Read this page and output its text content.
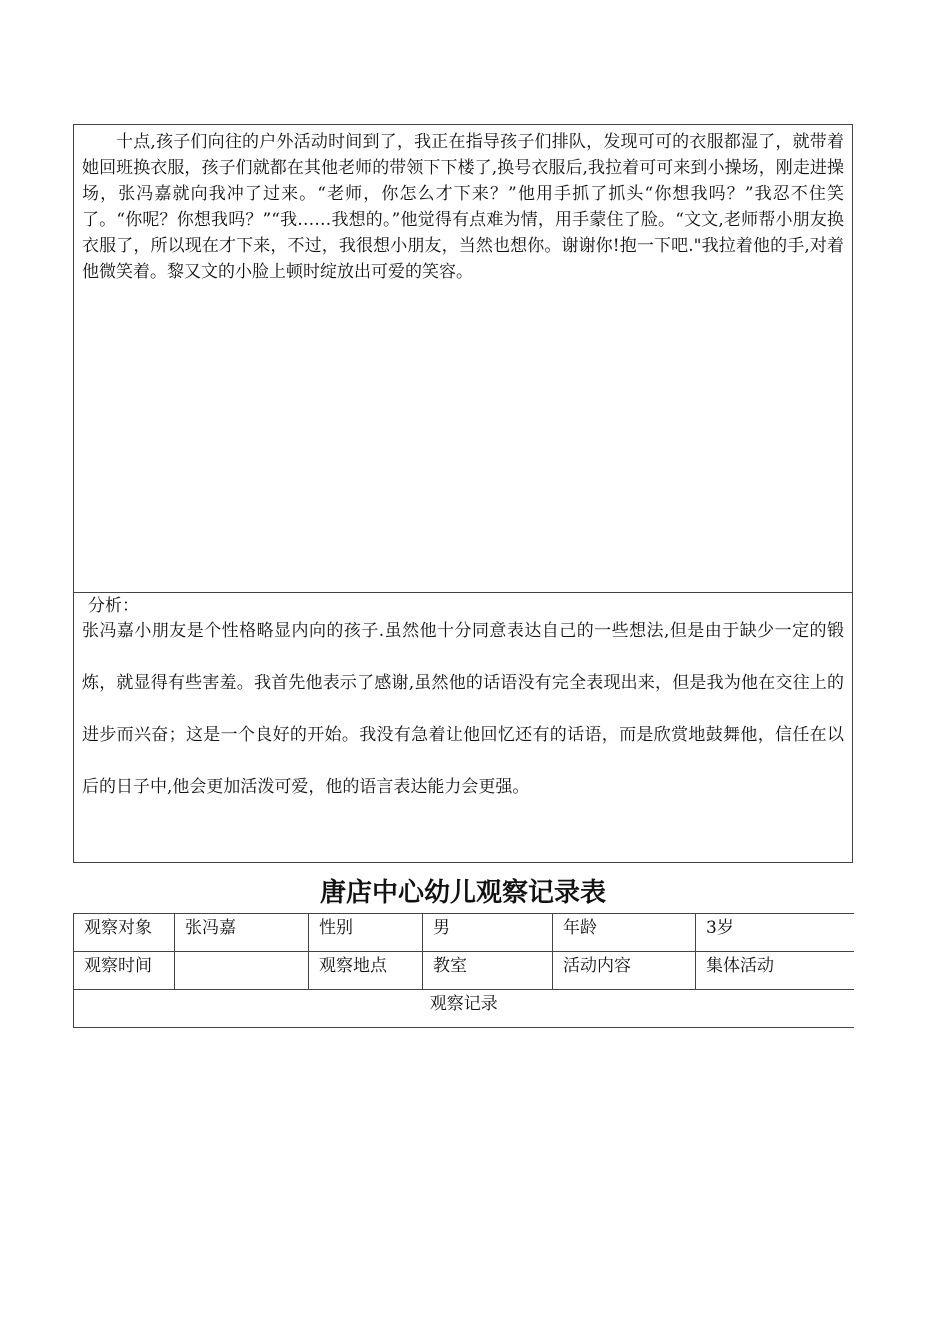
十点,孩子们向往的户外活动时间到了，我正在指导孩子们排队，发现可可的衣服都湿了，就带着她回班换衣服，孩子们就都在其他老师的带领下下楼了,换号衣服后,我拉着可可来到小操场，刚走进操场，张冯嘉就向我冲了过来。“老师，你怎么才下来？”他用手抓了抓头“你想我吗？”我忍不住笑了。“你呢？你想我吗？”“我……我想的。”他觉得有点难为情，用手蒙住了脸。“文文,老师帮小朋友换衣服了，所以现在才下来，不过，我很想小朋友，当然也想你。谢谢你!抱一下吧."我拉着他的手,对着他微笑着。黎又文的小脸上顿时绽放出可爱的笑容。

分析：

张冯嘉小朋友是个性格略显内向的孩子.虽然他十分同意表达自己的一些想法,但是由于缺少一定的锻炼，就显得有些害羞。我首先他表示了感谢,虽然他的话语没有完全表现出来，但是我为他在交往上的进步而兴奋；这是一个良好的开始。我没有急着让他回忆还有的话语，而是欣赏地鼓舞他，信任在以后的日子中,他会更加活泼可爱，他的语言表达能力会更强。

唐店中心幼儿观察记录表
观察对象	张冯嘉	性别	男	年龄	3岁
观察时间		观察地点	教室	活动内容	集体活动
观察记录					
